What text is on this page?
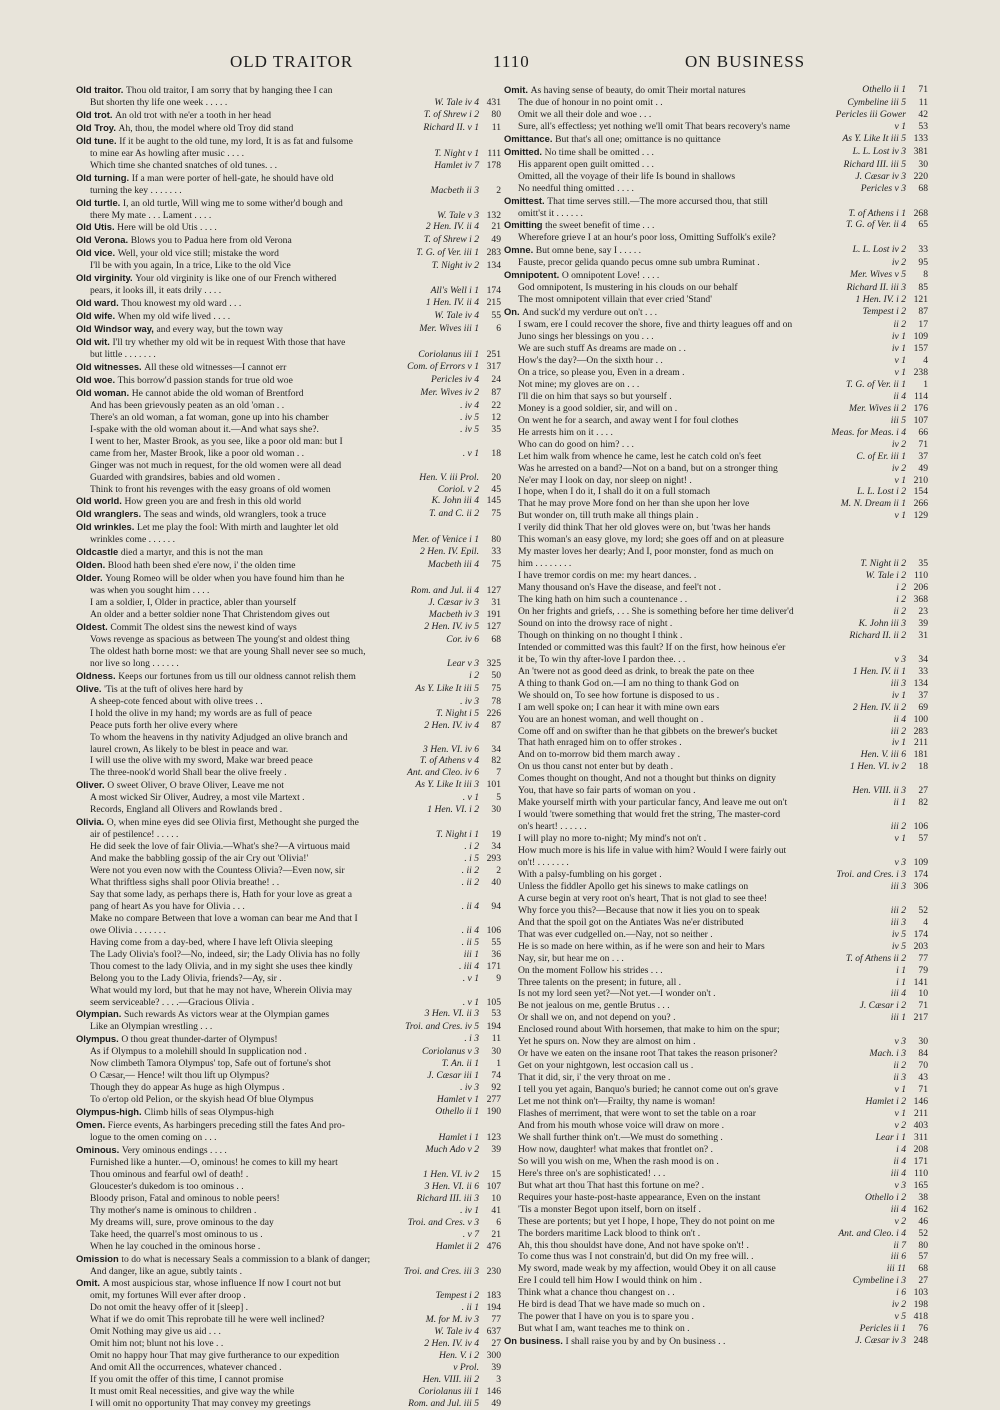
OLD TRAITOR	1110	ON BUSINESS
Old traitor. Thou old traitor, I am sorry that by hanging thee I can
But shorten thy life one week . . . . .	W. Tale iv 4 431
Old trot. An old trot with ne'er a tooth in her head	T. of Shrew i 2 80
Old Troy. Ah, thou, the model where old Troy did stand	Richard II. v 1 11
Old tune. If it be aught to the old tune, my lord, It is as fat and fulsome
to mine ear As howling after music . . . .	T. Night v 1 111
Which time she chanted snatches of old tunes. . .	Hamlet iv 7 178
Old turning. If a man were porter of hell-gate, he should have old
turning the key . . . . . . .	Macbeth ii 3 2
Old turtle. I, an old turtle, Will wing me to some wither'd bough and
there My mate . . . Lament . . . .	W. Tale v 3 132
Old Utis. Here will be old Utis . . . .	2 Hen. IV. ii 4 21
Old Verona. Blows you to Padua here from old Verona	T. of Shrew i 2 49
Old vice. Well, your old vice still; mistake the word	T. G. of Ver. iii 1 283
I'll be with you again, In a trice, Like to the old Vice	T. Night iv 2 134
Old virginity. Your old virginity is like one of our French withered
pears, it looks ill, it eats drily . . . .	All's Well i 1 174
Old ward. Thou knowest my old ward . . .	1 Hen. IV. ii 4 215
Old wife. When my old wife lived . . . .	W. Tale iv 4 55
Old Windsor way, and every way, but the town way	Mer. Wives iii 1 6
Old wit. I'll try whether my old wit be in request With those that have
but little . . . . . . .	Coriolanus iii 1 251
Old witnesses. All these old witnesses—I cannot err	Com. of Errors v 1 317
Old woe. This borrow'd passion stands for true old woe	Pericles iv 4 24
Old woman. He cannot abide the old woman of Brentford	Mer. Wives iv 2 87
And has been grievously peaten as an old 'oman . .	. iv 4 22
There's an old woman, a fat woman, gone up into his chamber	. iv 5 12
I-spake with the old woman about it.—And what says she?.	. iv 5 35
I went to her, Master Brook, as you see, like a poor old man: but I
came from her, Master Brook, like a poor old woman . .	. v 1 18
Ginger was not much in request, for the old women were all dead
Guarded with grandsires, babies and old women .	Hen. V. iii Prol. 20
Think to front his revenges with the easy groans of old women	Coriol. v 2 45
Old world. How green you are and fresh in this old world	K. John iii 4 145
Old wranglers. The seas and winds, old wranglers, took a truce	T. and C. ii 2 75
Old wrinkles. Let me play the fool: With mirth and laughter let old
wrinkles come . . . . . .	Mer. of Venice i 1 80
Oldcastle died a martyr, and this is not the man	2 Hen. IV. Epil. 33
Olden. Blood hath been shed e'ere now, i' the olden time	Macbeth iii 4 75
Older. Young Romeo will be older when you have found him than he
was when you sought him . . . .	Rom. and Jul. ii 4 127
I am a soldier, I, Older in practice, abler than yourself	J. Cæsar iv 3 31
An older and a better soldier none That Christendom gives out	Macbeth iv 3 191
Oldest. Commit The oldest sins the newest kind of ways	2 Hen. IV. iv 5 127
Vows revenge as spacious as between The young'st and oldest thing	Cor. iv 6 68
The oldest hath borne most: we that are young Shall never see so much,
nor live so long . . . . . .	Lear v 3 325
Oldness. Keeps our fortunes from us till our oldness cannot relish them	i 2 50
Olive. 'Tis at the tuft of olives here hard by	As Y. Like It iii 5 75
A sheep-cote fenced about with olive trees . .	. iv 3 78
I hold the olive in my hand; my words are as full of peace	T. Night i 5 226
Peace puts forth her olive every where	2 Hen. IV. iv 4 87
To whom the heavens in thy nativity Adjudged an olive branch and
laurel crown, As likely to be blest in peace and war.	3 Hen. VI. iv 6 34
I will use the olive with my sword, Make war breed peace	T. of Athens v 4 82
The three-nook'd world Shall bear the olive freely .	Ant. and Cleo. iv 6 7
Oliver. O sweet Oliver, O brave Oliver, Leave me not	As Y. Like It iii 3 101
A most wicked Sir Oliver, Audrey, a most vile Martext .	. v 1 5
Records, England all Olivers and Rowlands bred .	1 Hen. VI. i 2 30
Olivia. O, when mine eyes did see Olivia first, Methought she purged the
air of pestilence! . . . . .	T. Night i 1 19
He did seek the love of fair Olivia.—What's she?—A virtuous maid	. i 2 34
And make the babbling gossip of the air Cry out 'Olivia!'	. i 5 293
Were not you even now with the Countess Olivia?—Even now, sir	. ii 2 2
What thriftless sighs shall poor Olivia breathe! . .	. ii 2 40
Say that some lady, as perhaps there is, Hath for your love as great a
pang of heart As you have for Olivia . . .	. ii 4 94
Make no compare Between that love a woman can bear me And that I
owe Olivia . . . . . . .	. ii 4 106
Having come from a day-bed, where I have left Olivia sleeping	. ii 5 55
The Lady Olivia's fool?—No, indeed, sir; the Lady Olivia has no folly	iii 1 36
Thou comest to the lady Olivia, and in my sight she uses thee kindly	. iii 4 171
Belong you to the Lady Olivia, friends?—Ay, sir .	. v 1 9
What would my lord, but that he may not have, Wherein Olivia may
seem serviceable? . . . .—Gracious Olivia .	. v 1 105
Olympian. Such rewards As victors wear at the Olympian games	3 Hen. VI. ii 3 53
Like an Olympian wrestling . . .	Troi. and Cres. iv 5 194
Olympus. O thou great thunder-darter of Olympus!	. i 3 11
As if Olympus to a molehill should In supplication nod .	Coriolanus v 3 30
Now climbeth Tamora Olympus' top, Safe out of fortune's shot	T. An. ii 1 1
O Cæsar,— Hence! wilt thou lift up Olympus?	J. Cæsar iii 1 74
Though they do appear As huge as high Olympus .	. iv 3 92
To o'ertop old Pelion, or the skyish head Of blue Olympus	Hamlet v 1 277
Olympus-high. Climb hills of seas Olympus-high	Othello ii 1 190
Omen. Fierce events, As harbingers preceding still the fates And pro-
logue to the omen coming on . . .	Hamlet i 1 123
Ominous. Very ominous endings . . . .	Much Ado v 2 39
Furnished like a hunter.—O, ominous! he comes to kill my heart
Thou ominous and fearful owl of death! .	1 Hen. VI. iv 2 15
Gloucester's dukedom is too ominous . .	3 Hen. VI. ii 6 107
Bloody prison, Fatal and ominous to noble peers!	Richard III. iii 3 10
Thy mother's name is ominous to children .	. iv 1 41
My dreams will, sure, prove ominous to the day	Troi. and Cres. v 3 6
Take heed, the quarrel's most ominous to us .	. v 7 21
When he lay couched in the ominous horse .	Hamlet ii 2 476
Omission to do what is necessary Seals a commission to a blank of danger;
And danger, like an ague, subtly taints .	Troi. and Cres. iii 3 230
Omit. A most auspicious star, whose influence If now I court not but
omit, my fortunes Will ever after droop .	Tempest i 2 183
Do not omit the heavy offer of it [sleep] .	. ii 1 194
What if we do omit This reprobate till he were well inclined?	M. for M. iv 3 77
Omit Nothing may give us aid . . .	W. Tale iv 4 637
Omit him not; blunt not his love . .	2 Hen. IV. iv 4 27
Omit no happy hour That may give furtherance to our expedition	Hen. V. i 2 300
And omit All the occurrences, whatever chanced .	v Prol. 39
If you omit the offer of this time, I cannot promise	Hen. VIII. iii 2 3
It must omit Real necessities, and give way the while	Coriolanus iii 1 146
I will omit no opportunity That may convey my greetings	Rom. and Jul. iii 5 49
Omit. As having sense of beauty, do omit Their mortal natures	Othello ii 1 71
The due of honour in no point omit . .	Cymbeline iii 5 11
Omit we all their dole and woe . . .	Pericles iii Gower 42
Sure, all's effectless; yet nothing we'll omit That bears recovery's name	v 1 53
Omittance. But that's all one; omittance is no quittance	As Y. Like It iii 5 133
Omitted. No time shall be omitted . . .	L. L. Lost iv 3 381
His apparent open guilt omitted . . .	Richard III. iii 5 30
Omitted, all the voyage of their life Is bound in shallows	J. Cæsar iv 3 220
No needful thing omitted . . . .	Pericles v 3 68
Omittest. That time serves still.—The more accursed thou, that still
omitt'st it . . . . . .	T. of Athens i 1 268
Omitting the sweet benefit of time . . .	T. G. of Ver. ii 4 65
Wherefore grieve I at an hour's poor loss, Omitting Suffolk's exile?
Omne. But omne bene, say I . . . . .	L. L. Lost iv 2 33
Fauste, precor gelida quando pecus omne sub umbra Ruminat .	iv 2 95
Omnipotent. O omnipotent Love! . . . .	Mer. Wives v 5 8
God omnipotent, Is mustering in his clouds on our behalf	Richard II. iii 3 85
The most omnipotent villain that ever cried 'Stand'	1 Hen. IV. i 2 121
On. And suck'd my verdure out on't . . .	Tempest i 2 87
I swam, ere I could recover the shore, five and thirty leagues off and on	ii 2 17
Juno sings her blessings on you . . .	iv 1 109
We are such stuff As dreams are made on . .	iv 1 157
How's the day?—On the sixth hour . .	v 1 4
On a trice, so please you, Even in a dream .	v 1 238
Not mine; my gloves are on . . .	T. G. of Ver. ii 1 1
I'll die on him that says so but yourself .	ii 4 114
Money is a good soldier, sir, and will on .	Mer. Wives ii 2 176
On went he for a search, and away went I for foul clothes	iii 5 107
He arrests him on it . . . .	Meas. for Meas. i 4 66
Who can do good on him? . . .	iv 2 71
Let him walk from whence he came, lest he catch cold on's feet	C. of Er. iii 1 37
Was he arrested on a band?—Not on a band, but on a stronger thing	iv 2 49
Ne'er may I look on day, nor sleep on night! .	v 1 210
I hope, when I do it, I shall do it on a full stomach	L. L. Lost i 2 154
That he may prove More fond on her than she upon her love	M. N. Dream ii 1 266
But wonder on, till truth make all things plain .	v 1 129
I verily did think That her old gloves were on, but 'twas her hands
This woman's an easy glove, my lord; she goes off and on at pleasure
My master loves her dearly; And I, poor monster, fond as much on
him . . . . . . . .	T. Night ii 2 35
I have tremor cordis on me: my heart dances. .	W. Tale i 2 110
Many thousand on's Have the disease, and feel't not .	i 2 206
The king hath on him such a countenance . .	i 2 368
On her frights and griefs, . . . She is something before her time deliver'd	ii 2 23
Sound on into the drowsy race of night .	K. John iii 3 39
Though on thinking on no thought I think .	Richard II. ii 2 31
Intended or committed was this fault? If on the first, how heinous e'er
it be, To win thy after-love I pardon thee. . .	v 3 34
An 'twere not as good deed as drink, to break the pate on thee	1 Hen. IV. ii 1 33
A thing to thank God on.—I am no thing to thank God on	iii 3 134
We should on, To see how fortune is disposed to us .	iv 1 37
I am well spoke on; I can hear it with mine own ears	2 Hen. IV. ii 2 69
You are an honest woman, and well thought on .	ii 4 100
Come off and on swifter than he that gibbets on the brewer's bucket	iii 2 283
That hath enraged him on to offer strokes .	iv 1 211
And on to-morrow bid them march away .	Hen. V. iii 6 181
On us thou canst not enter but by death .	1 Hen. VI. iv 2 18
Comes thought on thought, And not a thought but thinks on dignity
You, that have so fair parts of woman on you .	Hen. VIII. ii 3 27
Make yourself mirth with your particular fancy, And leave me out on't	ii 1 82
I would 'twere something that would fret the string, The master-cord
on's heart! . . . . . .	iii 2 106
I will play no more to-night; My mind's not on't .	v 1 57
How much more is his life in value with him? Would I were fairly out
on't! . . . . . . .	v 3 109
With a palsy-fumbling on his gorget .	Troi. and Cres. i 3 174
Unless the fiddler Apollo get his sinews to make catlings on	iii 3 306
A curse begin at very root on's heart, That is not glad to see thee!
Why force you this?—Because that now it lies you on to speak	iii 2 52
And that the spoil got on the Antiates Was ne'er distributed	iii 3 4
That was ever cudgelled on.—Nay, not so neither .	iv 5 174
He is so made on here within, as if he were son and heir to Mars	iv 5 203
Nay, sir, but hear me on . . .	T. of Athens ii 2 77
On the moment Follow his strides . . .	i 1 79
Three talents on the present; in future, all .	i 1 141
Is not my lord seen yet?—Not yet.—I wonder on't .	iii 4 10
Be not jealous on me, gentle Brutus . . .	J. Cæsar i 2 71
Or shall we on, and not depend on you? .	iii 1 217
Enclosed round about With horsemen, that make to him on the spur;
Yet he spurs on. Now they are almost on him .	v 3 30
Or have we eaten on the insane root That takes the reason prisoner?	Mach. i 3 84
Get on your nightgown, lest occasion call us .	ii 2 70
That it did, sir, i' the very throat on me .	ii 3 43
I tell you yet again, Banquo's buried; he cannot come out on's grave	v 1 71
Let me not think on't—Frailty, thy name is woman!	Hamlet i 2 146
Flashes of merriment, that were wont to set the table on a roar	v 1 211
And from his mouth whose voice will draw on more .	v 2 403
We shall further think on't.—We must do something .	Lear i 1 311
How now, daughter! what makes that frontlet on? .	i 4 208
So will you wish on me, When the rash mood is on .	ii 4 171
Here's three on's are sophisticated! . . .	iii 4 110
But what art thou That hast this fortune on me? .	v 3 165
Requires your haste-post-haste appearance, Even on the instant	Othello i 2 38
'Tis a monster Begot upon itself, born on itself .	iii 4 162
These are portents; but yet I hope, I hope, They do not point on me	v 2 46
The borders maritime Lack blood to think on't .	Ant. and Cleo. i 4 52
Ah, this thou shouldst have done, And not have spoke on't! .	ii 7 80
To come thus was I not constrain'd, but did On my free will. .	iii 6 57
My sword, made weak by my affection, would Obey it on all cause	iii 11 68
Ere I could tell him How I would think on him .	Cymbeline i 3 27
Think what a chance thou changest on . .	i 6 103
He bird is dead That we have made so much on .	iv 2 198
The power that I have on you is to spare you .	v 5 418
But what I am, want teaches me to think on .	Pericles ii 1 76
On business. I shall raise you by and by On business . .	J. Cæsar iv 3 248
